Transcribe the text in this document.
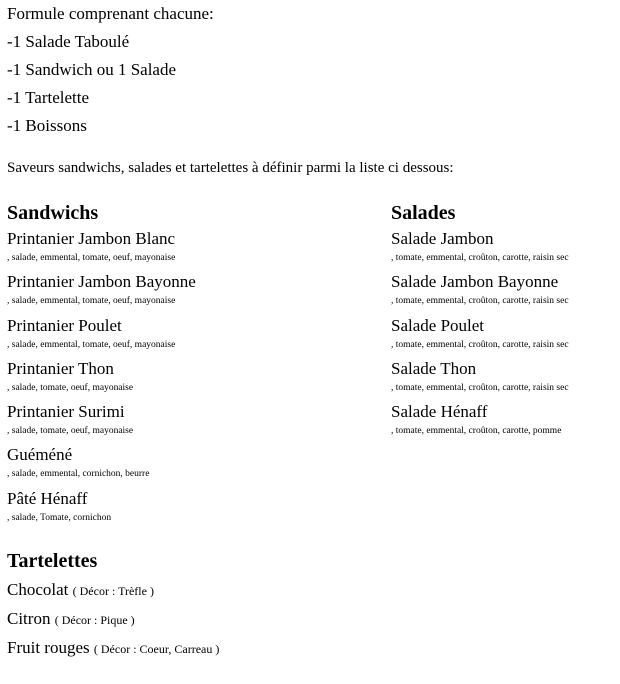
Formule comprenant chacune:
-1 Salade Taboulé
-1 Sandwich ou 1 Salade
-1 Tartelette
-1 Boissons
Saveurs sandwichs, salades et tartelettes à définir parmi la liste ci dessous:
Sandwichs
Printanier Jambon Blanc
, salade, emmental, tomate, oeuf, mayonaise
Printanier Jambon Bayonne
, salade, emmental, tomate, oeuf, mayonaise
Printanier Poulet
, salade, emmental, tomate, oeuf, mayonaise
Printanier Thon
, salade, tomate, oeuf, mayonaise
Printanier Surimi
, salade, tomate, oeuf, mayonaise
Guéméné
, salade, emmental, cornichon, beurre
Pâté Hénaff
, salade, Tomate, cornichon
Salades
Salade Jambon
, tomate, emmental, croûton, carotte, raisin sec
Salade Jambon Bayonne
, tomate, emmental, croûton, carotte, raisin sec
Salade Poulet
, tomate, emmental, croûton, carotte, raisin sec
Salade Thon
, tomate, emmental, croûton, carotte, raisin sec
Salade Hénaff
, tomate, emmental, croûton, carotte, pomme
Tartelettes
Chocolat ( Décor : Trèfle )
Citron ( Décor : Pique )
Fruit rouges ( Décor : Coeur, Carreau )
